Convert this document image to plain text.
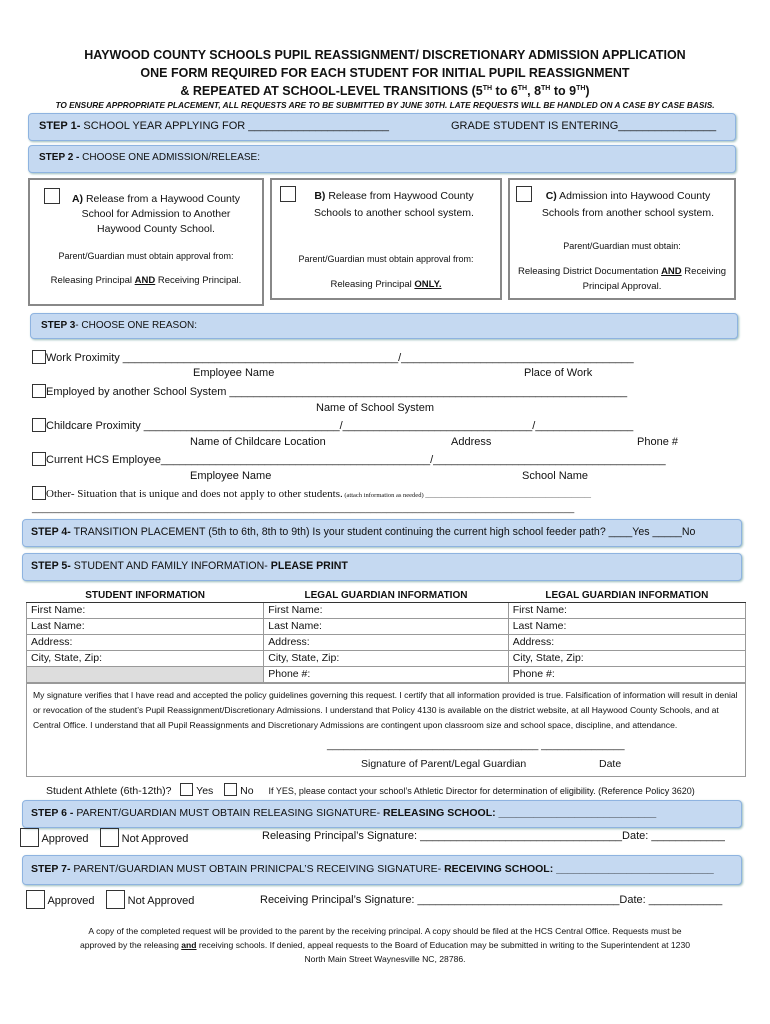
HAYWOOD COUNTY SCHOOLS PUPIL REASSIGNMENT/ DISCRETIONARY ADMISSION APPLICATION
ONE FORM REQUIRED FOR EACH STUDENT FOR INITIAL PUPIL REASSIGNMENT
& REPEATED AT SCHOOL-LEVEL TRANSITIONS (5TH to 6TH, 8TH to 9TH)
TO ENSURE APPROPRIATE PLACEMENT, ALL REQUESTS ARE TO BE SUBMITTED BY JUNE 30TH. LATE REQUESTS WILL BE HANDLED ON A CASE BY CASE BASIS.
STEP 1- SCHOOL YEAR APPLYING FOR _______________________	GRADE STUDENT IS ENTERING________________
STEP 2 - CHOOSE ONE ADMISSION/RELEASE:
A) Release from a Haywood County School for Admission to Another Haywood County School.
Parent/Guardian must obtain approval from:
Releasing Principal AND Receiving Principal.
B) Release from Haywood County Schools to another school system.
Parent/Guardian must obtain approval from:
Releasing Principal ONLY.
C) Admission into Haywood County Schools from another school system.
Parent/Guardian must obtain:
Releasing District Documentation AND Receiving Principal Approval.
STEP 3- CHOOSE ONE REASON:
Work Proximity _____________________________________________/______________________________________
Employee Name	Place of Work
Employed by another School System _________________________________________________________________
Name of School System
Childcare Proximity ________________________________/_______________________________/________________
Name of Childcare Location	Address	Phone #
Current HCS Employee____________________________________________/______________________________________
Employee Name	School Name
Other- Situation that is unique and does not apply to other students. (attach information as needed) ___________________________________________________
________________________________________________________________________________________________________
STEP 4- TRANSITION PLACEMENT (5th to 6th, 8th to 9th) Is your student continuing the current high school feeder path? ____Yes _____No
STEP 5- STUDENT AND FAMILY INFORMATION- PLEASE PRINT
STUDENT INFORMATION	LEGAL GUARDIAN INFORMATION	LEGAL GUARDIAN INFORMATION
First Name:	First Name:	First Name:
Last Name:	Last Name:	Last Name:
Address:	Address:	Address:
City, State, Zip:	City, State, Zip:	City, State, Zip:
	Phone #:	Phone #:
My signature verifies that I have read and accepted the policy guidelines governing this request. I certify that all information provided is true. Falsification of information will result in denial or revocation of the student’s Pupil Reassignment/Discretionary Admissions. I understand that Policy 4130 is available on the district website, at all Haywood County Schools, and at Central Office. I understand that all Pupil Reassignments and Discretionary Admissions are contingent upon classroom size and school space, discipline, and attendance.
______________________________________ _______________
Signature of Parent/Legal Guardian	Date
Student Athlete (6th-12th)? Yes	No If YES, please contact your school’s Athletic Director for determination of eligibility. (Reference Policy 3620)
STEP 6 - PARENT/GUARDIAN MUST OBTAIN RELEASING SIGNATURE- RELEASING SCHOOL: ___________________________
Approved	Not Approved	Releasing Principal’s Signature: _________________________________Date: ____________
STEP 7- PARENT/GUARDIAN MUST OBTAIN PRINICPAL’S RECEIVING SIGNATURE- RECEIVING SCHOOL: ___________________________
Approved	Not Approved	Receiving Principal’s Signature: _________________________________Date: ____________
A copy of the completed request will be provided to the parent by the receiving principal. A copy should be filed at the HCS Central Office. Requests must be
approved by the releasing and receiving schools. If denied, appeal requests to the Board of Education may be submitted in writing to the Superintendent at 1230
North Main Street Waynesville NC, 28786.
